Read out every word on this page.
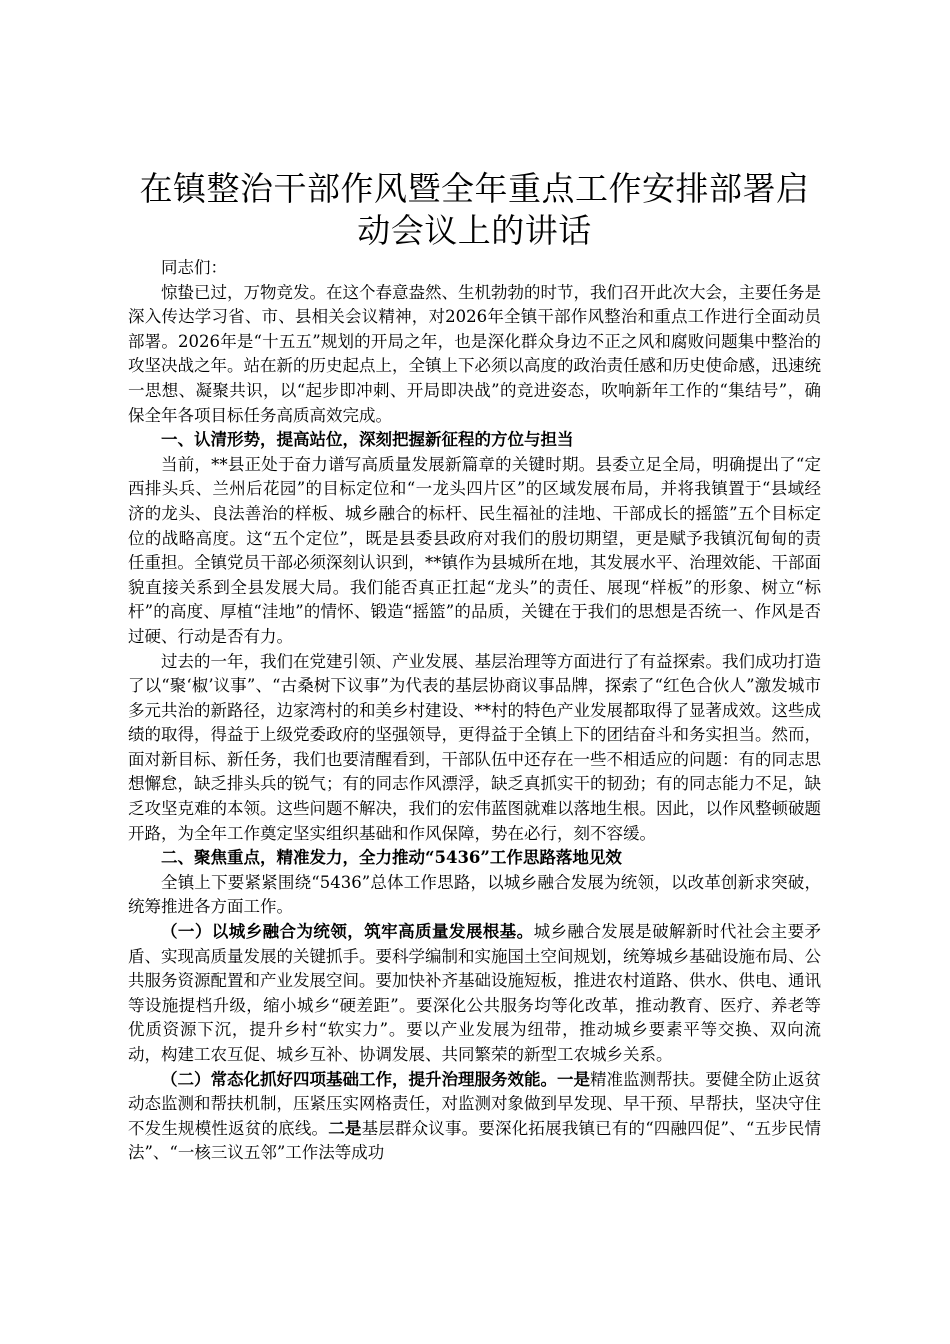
在镇整治干部作风暨全年重点工作安排部署启动会议上的讲话

同志们：

惊蛰已过，万物竞发。在这个春意盎然、生机勃勃的时节，我们召开此次大会，主要任务是深入传达学习省、市、县相关会议精神，对2026年全镇干部作风整治和重点工作进行全面动员部署。2026年是“十五五”规划的开局之年，也是深化群众身边不正之风和腐败问题集中整治的攻坚决战之年。站在新的历史起点上，全镇上下必须以高度的政治责任感和历史使命感，迅速统一思想、凝聚共识，以“起步即冲刺、开局即决战”的竞进姿态，吹响新年工作的“集结号”，确保全年各项目标任务高质高效完成。

一、认清形势，提高站位，深刻把握新征程的方位与担当

当前，**县正处于奋力谱写高质量发展新篇章的关键时期。县委立足全局，明确提出了“定西排头兵、兰州后花园”的目标定位和“一龙头四片区”的区域发展布局，并将我镇置于“县域经济的龙头、良法善治的样板、城乡融合的标杆、民生福祉的洼地、干部成长的摇篮”五个目标定位的战略高度。这“五个定位”，既是县委县政府对我们的殷切期望，更是赋予我镇沉甸甸的责任重担。全镇党员干部必须深刻认识到，**镇作为县城所在地，其发展水平、治理效能、干部面貌直接关系到全县发展大局。我们能否真正扛起“龙头”的责任、展现“样板”的形象、树立“标杆”的高度、厚植“洼地”的情怀、锻造“摇篮”的品质，关键在于我们的思想是否统一、作风是否过硬、行动是否有力。

过去的一年，我们在党建引领、产业发展、基层治理等方面进行了有益探索。我们成功打造了以“聚‘椒’议事”、“古桑树下议事”为代表的基层协商议事品牌，探索了“红色合伙人”激发城市多元共治的新路径，边家湾村的和美乡村建设、**村的特色产业发展都取得了显著成效。这些成绩的取得，得益于上级党委政府的坚强领导，更得益于全镇上下的团结奋斗和务实担当。然而，面对新目标、新任务，我们也要清醒看到，干部队伍中还存在一些不相适应的问题：有的同志思想懈怠，缺乏排头兵的锐气；有的同志作风漂浮，缺乏真抓实干的韧劲；有的同志能力不足，缺乏攻坚克难的本领。这些问题不解决，我们的宏伟蓝图就难以落地生根。因此，以作风整顿破题开路，为全年工作奠定坚实组织基础和作风保障，势在必行，刻不容缓。

二、聚焦重点，精准发力，全力推动“5436”工作思路落地见效

全镇上下要紧紧围绕“5436”总体工作思路，以城乡融合发展为统领，以改革创新求突破，统筹推进各方面工作。

（一）以城乡融合为统领，筑牢高质量发展根基。城乡融合发展是破解新时代社会主要矛盾、实现高质量发展的关键抓手。要科学编制和实施国土空间规划，统筹城乡基础设施布局、公共服务资源配置和产业发展空间。要加快补齐基础设施短板，推进农村道路、供水、供电、通讯等设施提档升级，缩小城乡“硬差距”。要深化公共服务均等化改革，推动教育、医疗、养老等优质资源下沉，提升乡村“软实力”。要以产业发展为纽带，推动城乡要素平等交换、双向流动，构建工农互促、城乡互补、协调发展、共同繁荣的新型工农城乡关系。

（二）常态化抓好四项基础工作，提升治理服务效能。一是精准监测帮扶。要健全防止返贫动态监测和帮扶机制，压紧压实网格责任，对监测对象做到早发现、早干预、早帮扶，坚决守住不发生规模性返贫的底线。二是基层群众议事。要深化拓展我镇已有的“四融四促”、“五步民情法”、“一核三议五邻”工作法等成功
